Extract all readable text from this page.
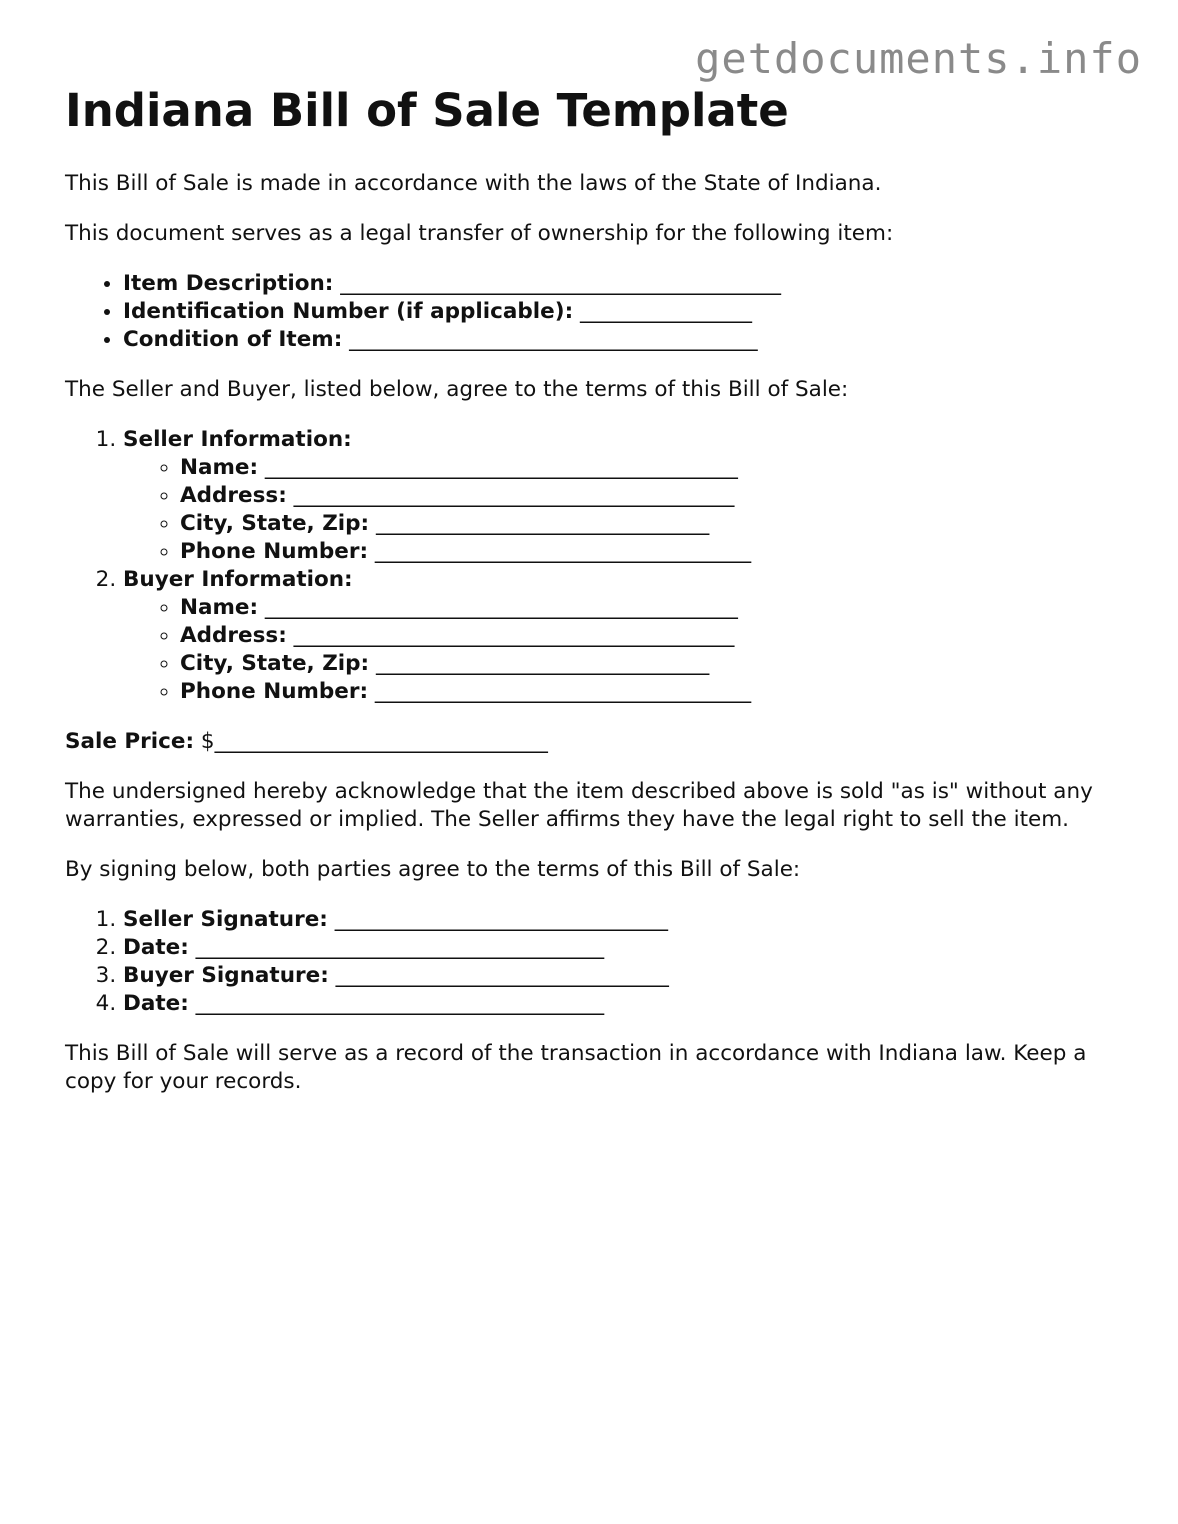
getdocuments.info
Indiana Bill of Sale Template

This Bill of Sale is made in accordance with the laws of the State of Indiana.

This document serves as a legal transfer of ownership for the following item:

• Item Description: _________________________________________
• Identification Number (if applicable): ________________
• Condition of Item: ______________________________________

The Seller and Buyer, listed below, agree to the terms of this Bill of Sale:

1. Seller Information:
◦ Name: ____________________________________________
◦ Address: _________________________________________
◦ City, State, Zip: _______________________________
◦ Phone Number: ___________________________________
2. Buyer Information:
◦ Name: ____________________________________________
◦ Address: _________________________________________
◦ City, State, Zip: _______________________________
◦ Phone Number: ___________________________________

Sale Price: $_______________________________

The undersigned hereby acknowledge that the item described above is sold "as is" without any warranties, expressed or implied. The Seller affirms they have the legal right to sell the item.

By signing below, both parties agree to the terms of this Bill of Sale:

1. Seller Signature: _______________________________
2. Date: ______________________________________
3. Buyer Signature: _______________________________
4. Date: ______________________________________

This Bill of Sale will serve as a record of the transaction in accordance with Indiana law. Keep a copy for your records.
